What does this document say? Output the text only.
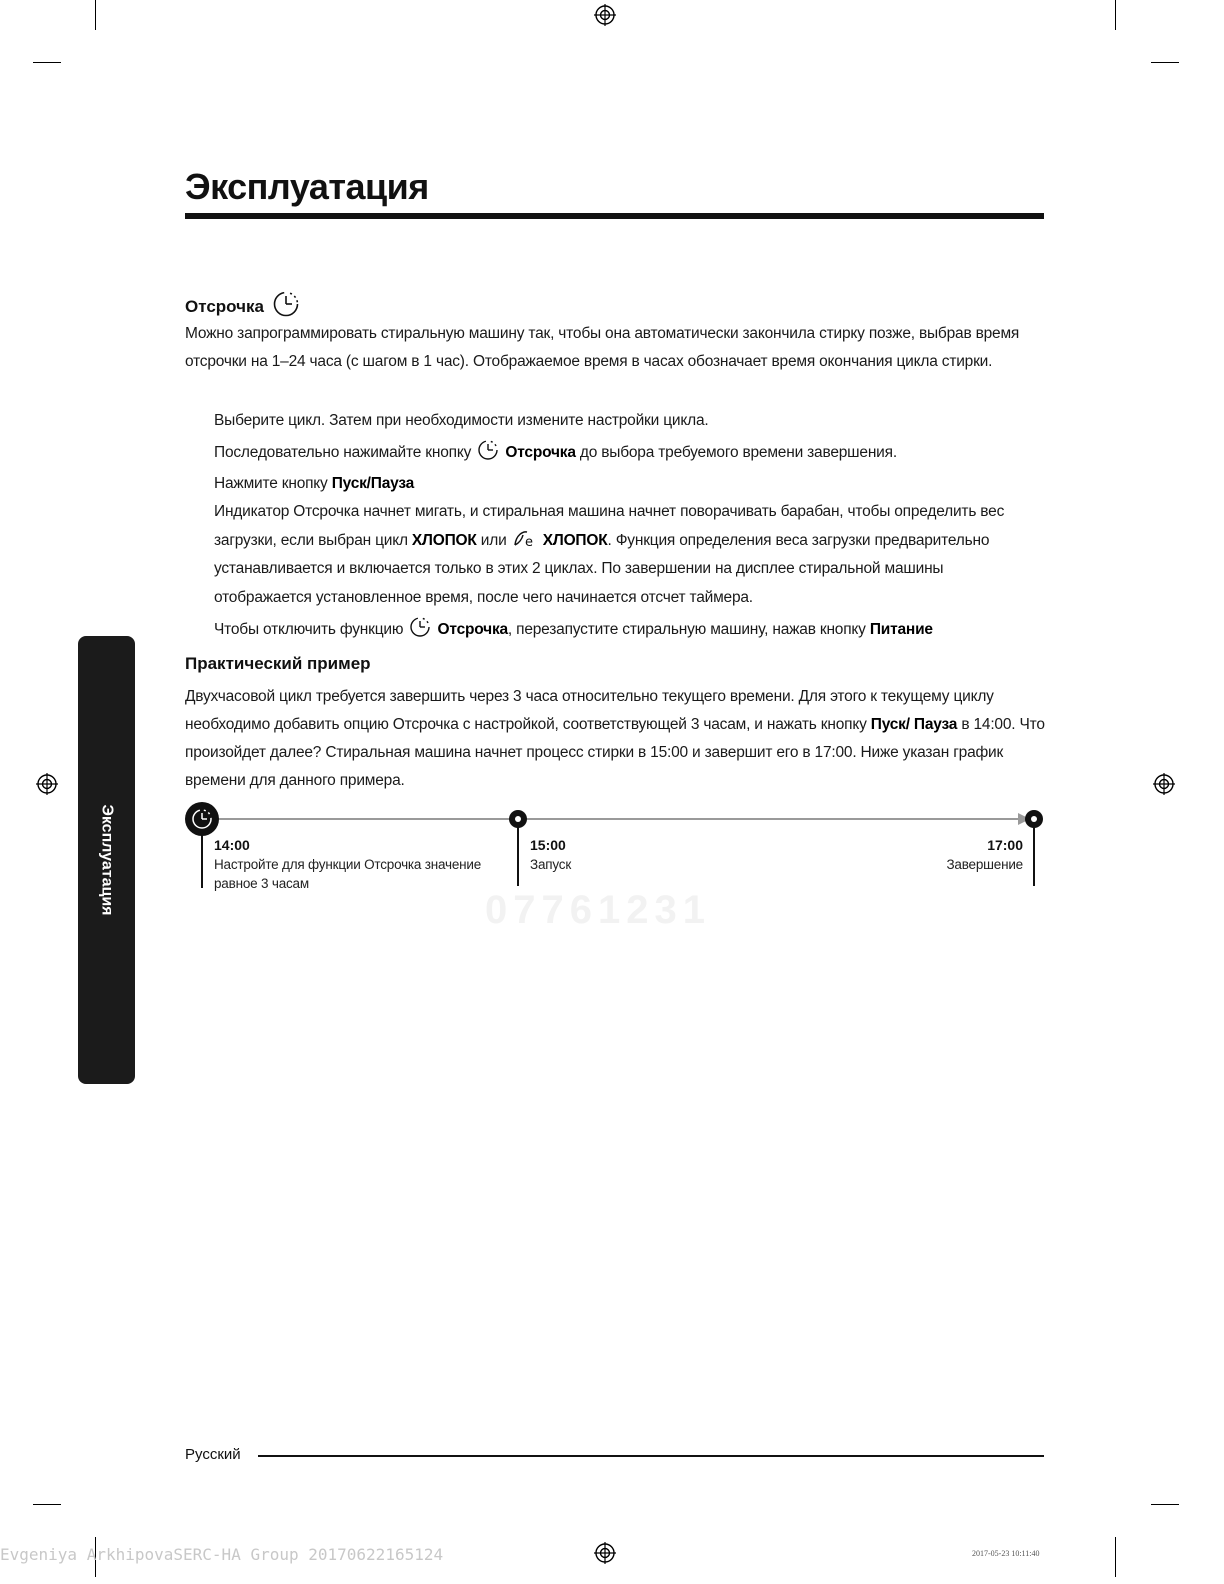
Эксплуатация
Эксплуатация	07761231
Отсрочка
Можно запрограммировать стиральную машину так, чтобы она автоматически закончила стирку позже, выбрав время отсрочки на 1–24 часа (с шагом в 1 час). Отображаемое время в часах обозначает время окончания цикла стирки.
Выберите цикл. Затем при необходимости измените настройки цикла.
Последовательно нажимайте кнопку Отсрочка до выбора требуемого времени завершения.
Нажмите кнопку Пуск/Пауза
Индикатор Отсрочка начнет мигать, и стиральная машина начнет поворачивать барабан, чтобы определить вес загрузки, если выбран цикл ХЛОПОК или e ХЛОПОК. Функция определения веса загрузки предварительно устанавливается и включается только в этих 2 циклах. По завершении на дисплее стиральной машины отображается установленное время, после чего начинается отсчет таймера.
Чтобы отключить функцию Отсрочка, перезапустите стиральную машину, нажав кнопку Питание
Практический пример
Двухчасовой цикл требуется завершить через 3 часа относительно текущего времени. Для этого к текущему циклу необходимо добавить опцию Отсрочка с настройкой, соответствующей 3 часам, и нажать кнопку Пуск/ Пауза в 14:00. Что произойдет далее? Стиральная машина начнет процесс стирки в 15:00 и завершит его в 17:00. Ниже указан график времени для данного примера.
14:00
Настройте для функции Отсрочка значение равное 3 часам
15:00
Запуск
17:00
Завершение
Русский
Evgeniya ArkhipovaSERC-HA Group 20170622165124	2017-05-23 10:11:40
